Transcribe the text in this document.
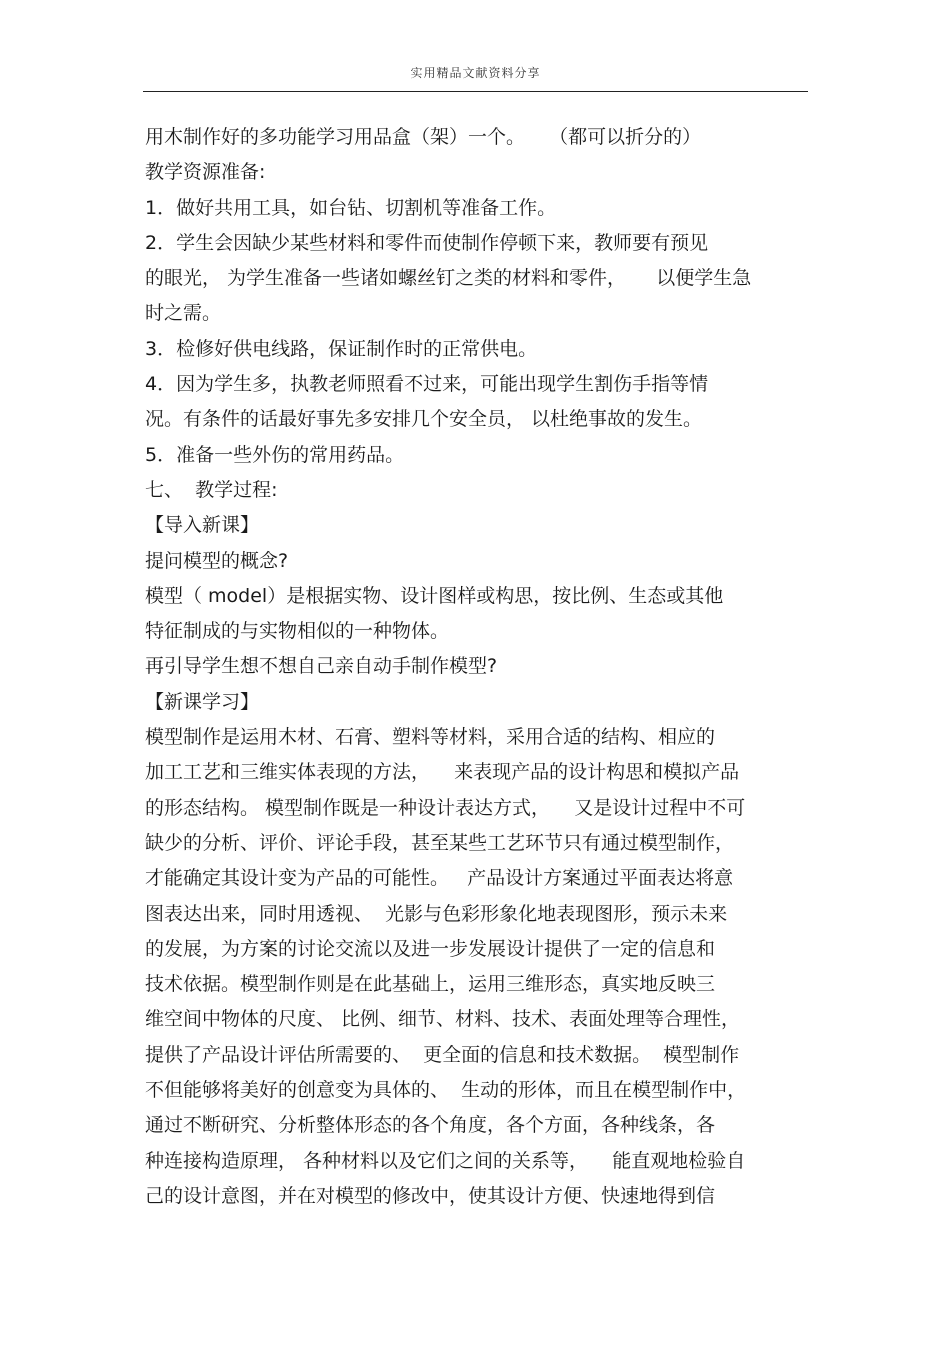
实用精品文献资料分享
用木制作好的多功能学习用品盒（架）一个。    （都可以折分的）
教学资源准备:
1．做好共用工具，如台钻、切割机等准备工作。
2．学生会因缺少某些材料和零件而使制作停顿下来，教师要有预见
的眼光， 为学生准备一些诸如螺丝钉之类的材料和零件，     以便学生急
时之需。
3．检修好供电线路，保证制作时的正常供电。
4．因为学生多，执教老师照看不过来，可能出现学生割伤手指等情
况。有条件的话最好事先多安排几个安全员， 以杜绝事故的发生。
5．准备一些外伤的常用药品。
七、  教学过程:
【导入新课】
提问模型的概念?
模型（ model）是根据实物、设计图样或构思，按比例、生态或其他
特征制成的与实物相似的一种物体。
再引导学生想不想自己亲自动手制作模型?
【新课学习】
模型制作是运用木材、石膏、塑料等材料，采用合适的结构、相应的
加工工艺和三维实体表现的方法，    来表现产品的设计构思和模拟产品
的形态结构。 模型制作既是一种设计表达方式，    又是设计过程中不可
缺少的分析、评价、评论手段，甚至某些工艺环节只有通过模型制作，
才能确定其设计变为产品的可能性。   产品设计方案通过平面表达将意
图表达出来，同时用透视、  光影与色彩形象化地表现图形，预示未来
的发展，为方案的讨论交流以及进一步发展设计提供了一定的信息和
技术依据。模型制作则是在此基础上，运用三维形态，真实地反映三
维空间中物体的尺度、 比例、细节、材料、技术、表面处理等合理性，
提供了产品设计评估所需要的、  更全面的信息和技术数据。  模型制作
不但能够将美好的创意变为具体的、  生动的形体，而且在模型制作中，
通过不断研究、分析整体形态的各个角度，各个方面，各种线条，各
种连接构造原理， 各种材料以及它们之间的关系等，    能直观地检验自
己的设计意图，并在对模型的修改中，使其设计方便、快速地得到信
